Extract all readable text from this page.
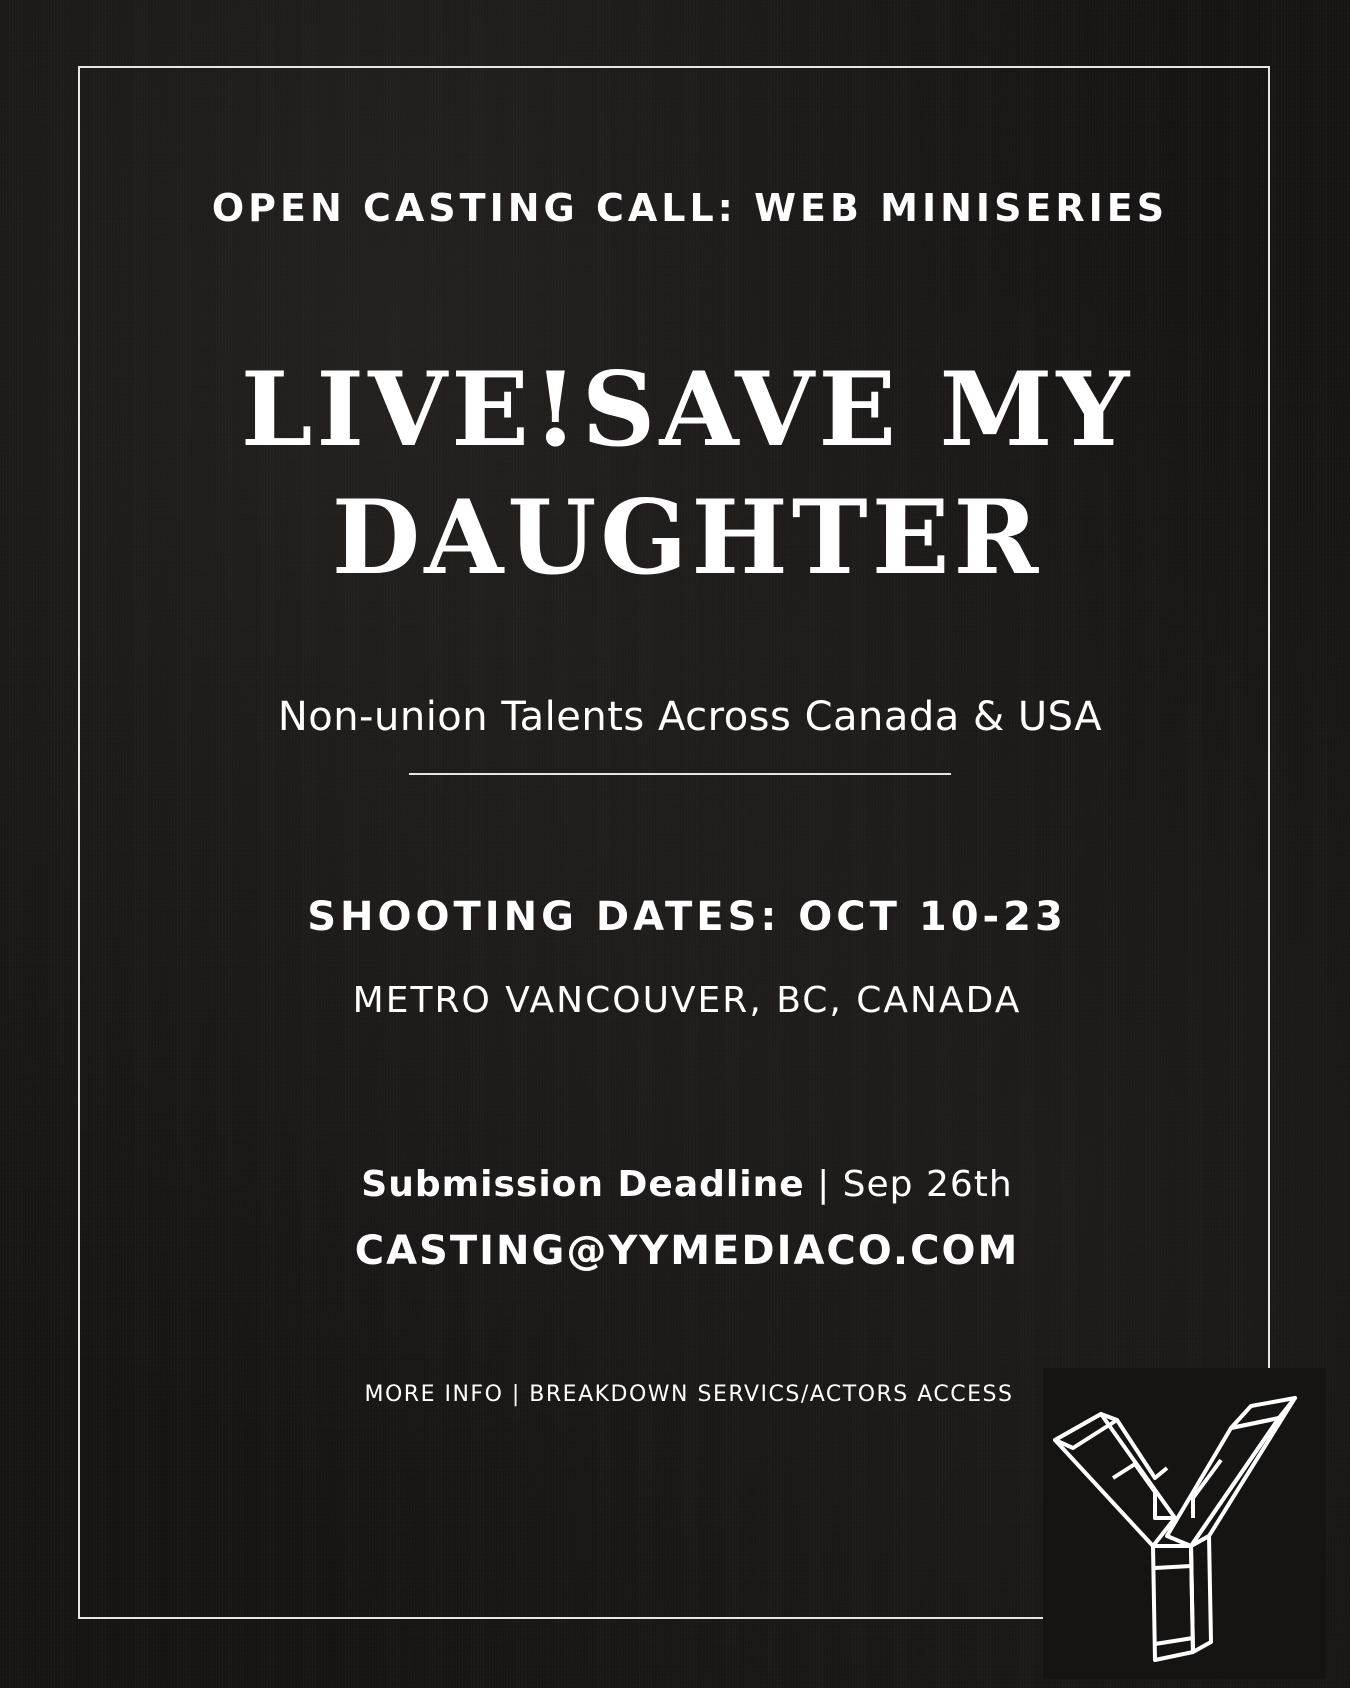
OPEN CASTING CALL: WEB MINISERIES
LIVE!SAVE MY
DAUGHTER
Non-union Talents Across Canada & USA
SHOOTING DATES: OCT 10-23
METRO VANCOUVER, BC, CANADA
Submission Deadline | Sep 26th
CASTING@YYMEDIACO.COM
MORE INFO | BREAKDOWN SERVICS/ACTORS ACCESS
